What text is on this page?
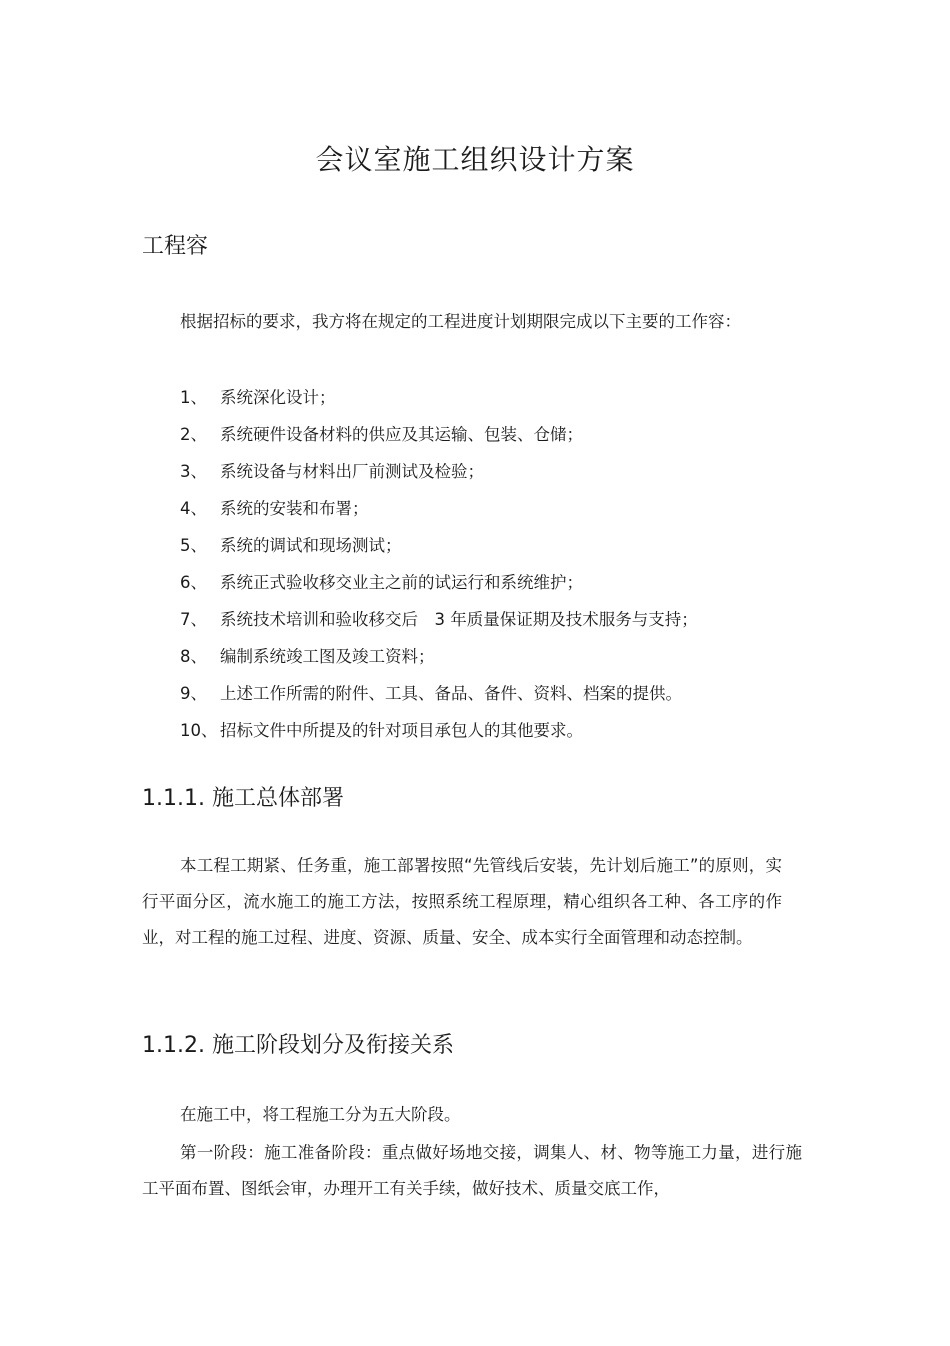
会议室施工组织设计方案
工程容
根据招标的要求，我方将在规定的工程进度计划期限完成以下主要的工作容：
1、 系统深化设计；
2、 系统硬件设备材料的供应及其运输、包装、仓储；
3、 系统设备与材料出厂前测试及检验；
4、 系统的安装和布署；
5、 系统的调试和现场测试；
6、 系统正式验收移交业主之前的试运行和系统维护；
7、 系统技术培训和验收移交后　3 年质量保证期及技术服务与支持；
8、 编制系统竣工图及竣工资料；
9、 上述工作所需的附件、工具、备品、备件、资料、档案的提供。
10、 招标文件中所提及的针对项目承包人的其他要求。
1.1.1. 施工总体部署
本工程工期紧、任务重，施工部署按照“先管线后安装，先计划后施工”的原则，实行平面分区，流水施工的施工方法，按照系统工程原理，精心组织各工种、各工序的作业，对工程的施工过程、进度、资源、质量、安全、成本实行全面管理和动态控制。
1.1.2. 施工阶段划分及衔接关系
在施工中，将工程施工分为五大阶段。
第一阶段：施工准备阶段：重点做好场地交接，调集人、材、物等施工力量，进行施工平面布置、图纸会审，办理开工有关手续，做好技术、质量交底工作，
